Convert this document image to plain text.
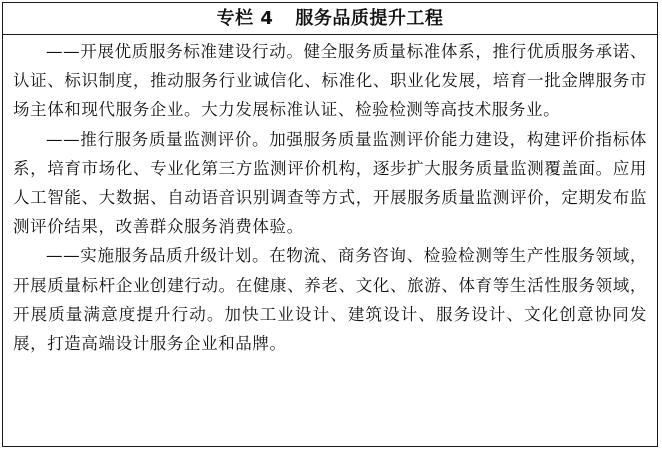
专栏 4 服务品质提升工程

——开展优质服务标准建设行动。健全服务质量标准体系，推行优质服务承诺、认证、标识制度，推动服务行业诚信化、标准化、职业化发展，培育一批金牌服务市场主体和现代服务企业。大力发展标准认证、检验检测等高技术服务业。

——推行服务质量监测评价。加强服务质量监测评价能力建设，构建评价指标体系，培育市场化、专业化第三方监测评价机构，逐步扩大服务质量监测覆盖面。应用人工智能、大数据、自动语音识别调查等方式，开展服务质量监测评价，定期发布监测评价结果，改善群众服务消费体验。

——实施服务品质升级计划。在物流、商务咨询、检验检测等生产性服务领域，开展质量标杆企业创建行动。在健康、养老、文化、旅游、体育等生活性服务领域，开展质量满意度提升行动。加快工业设计、建筑设计、服务设计、文化创意协同发展，打造高端设计服务企业和品牌。
